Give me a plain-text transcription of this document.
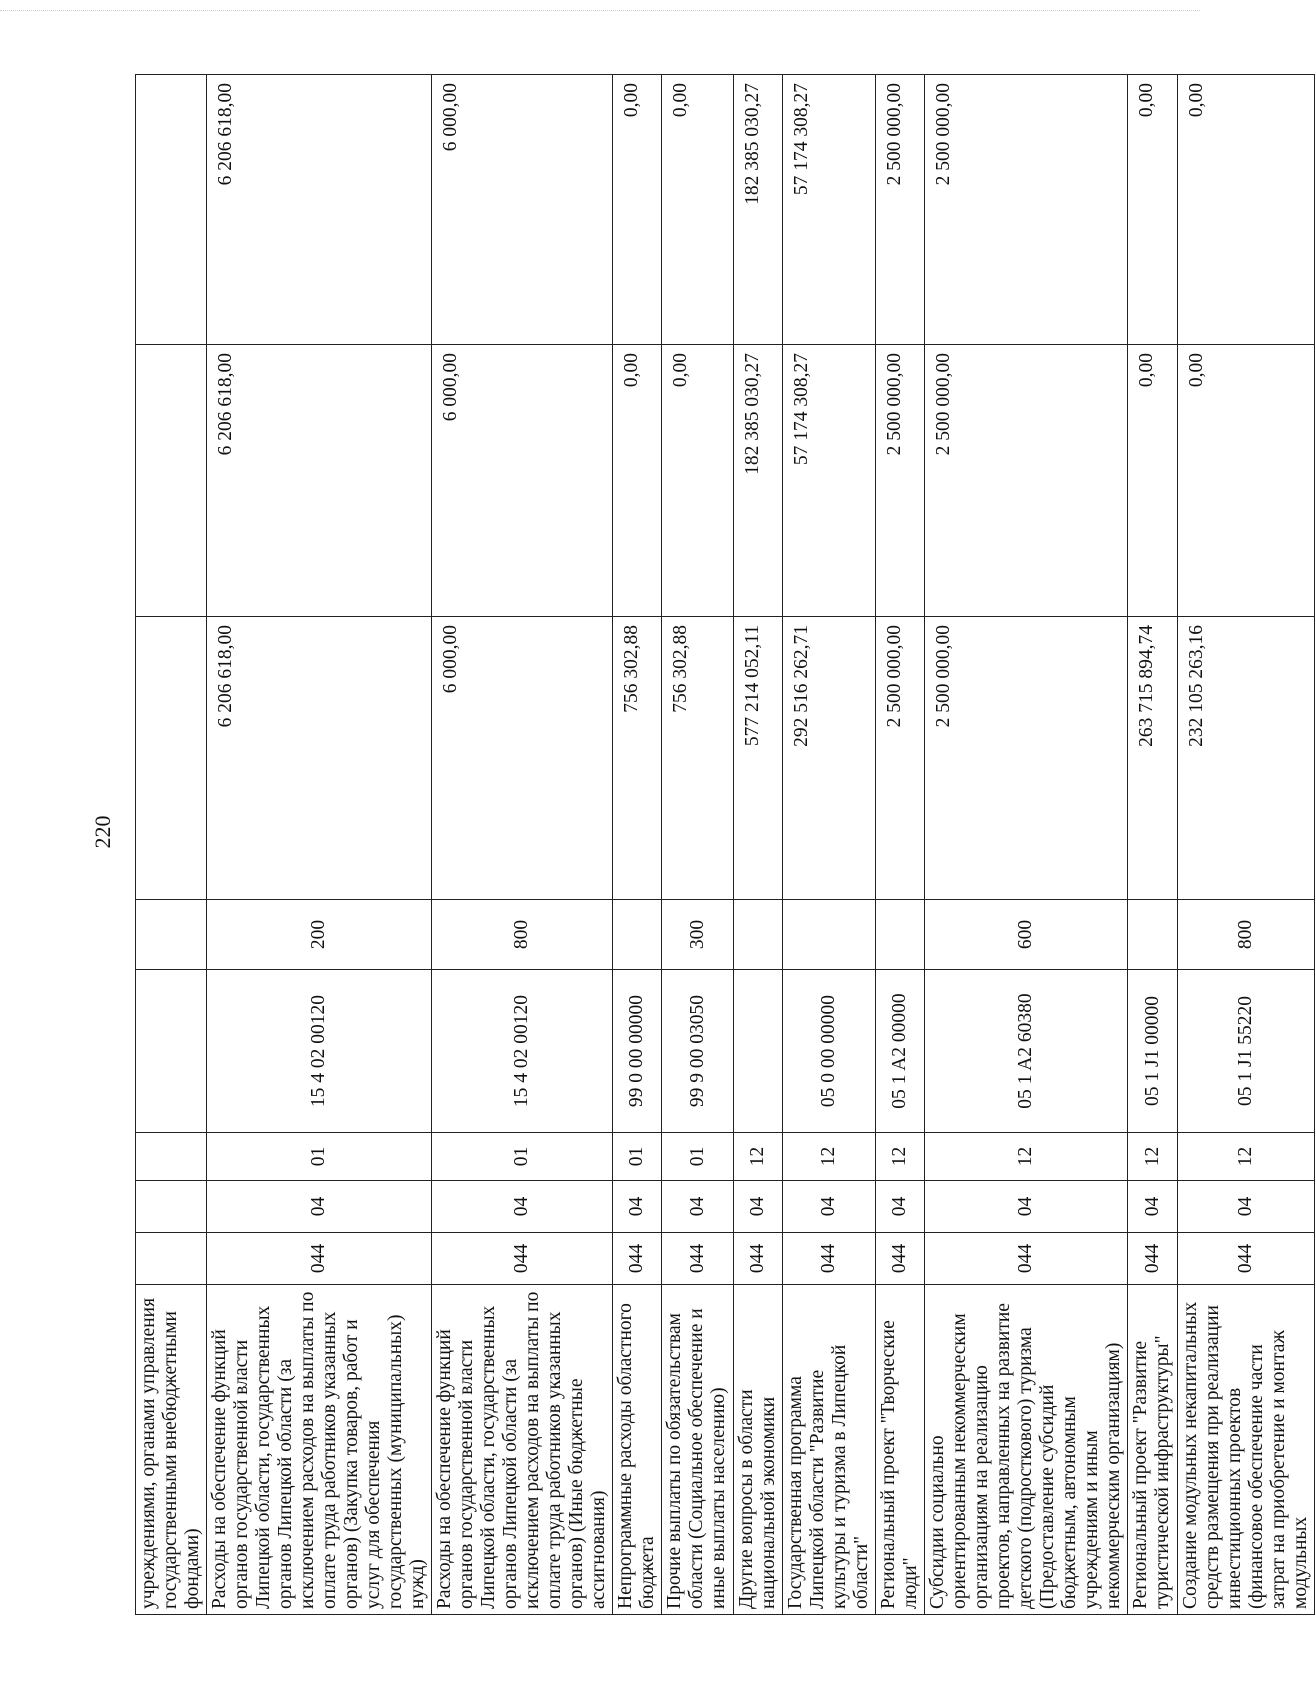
220
учреждениями, органами управления государственными внебюджетными фондами)								
Расходы на обеспечение функций органов государственной власти Липецкой области, государственных органов Липецкой области (за исключением расходов на выплаты по оплате труда работников указанных органов) (Закупка товаров, работ и услуг для обеспечения государственных (муниципальных) нужд)	044	04	01	15 4 02 00120	200	6 206 618,00	6 206 618,00	6 206 618,00
Расходы на обеспечение функций органов государственной власти Липецкой области, государственных органов Липецкой области (за исключением расходов на выплаты по оплате труда работников указанных органов) (Иные бюджетные ассигнования)	044	04	01	15 4 02 00120	800	6 000,00	6 000,00	6 000,00
Непрограммные расходы областного бюджета	044	04	01	99 0 00 00000		756 302,88	0,00	0,00
Прочие выплаты по обязательствам области (Социальное обеспечение и иные выплаты населению)	044	04	01	99 9 00 03050	300	756 302,88	0,00	0,00
Другие вопросы в области национальной экономики	044	04	12			577 214 052,11	182 385 030,27	182 385 030,27
Государственная программа Липецкой области "Развитие культуры и туризма в Липецкой области"	044	04	12	05 0 00 00000		292 516 262,71	57 174 308,27	57 174 308,27
Региональный проект "Творческие люди"	044	04	12	05 1 A2 00000		2 500 000,00	2 500 000,00	2 500 000,00
Субсидии социально ориентированным некоммерческим организациям на реализацию проектов, направленных на развитие детского (подросткового) туризма (Предоставление субсидий бюджетным, автономным учреждениям и иным некоммерческим организациям)	044	04	12	05 1 A2 60380	600	2 500 000,00	2 500 000,00	2 500 000,00
Региональный проект "Развитие туристической инфраструктуры"	044	04	12	05 1 J1 00000		263 715 894,74	0,00	0,00
Создание модульных некапитальных средств размещения при реализации инвестиционных проектов (финансовое обеспечение части затрат на приобретение и монтаж модульных	044	04	12	05 1 J1 55220	800	232 105 263,16	0,00	0,00
